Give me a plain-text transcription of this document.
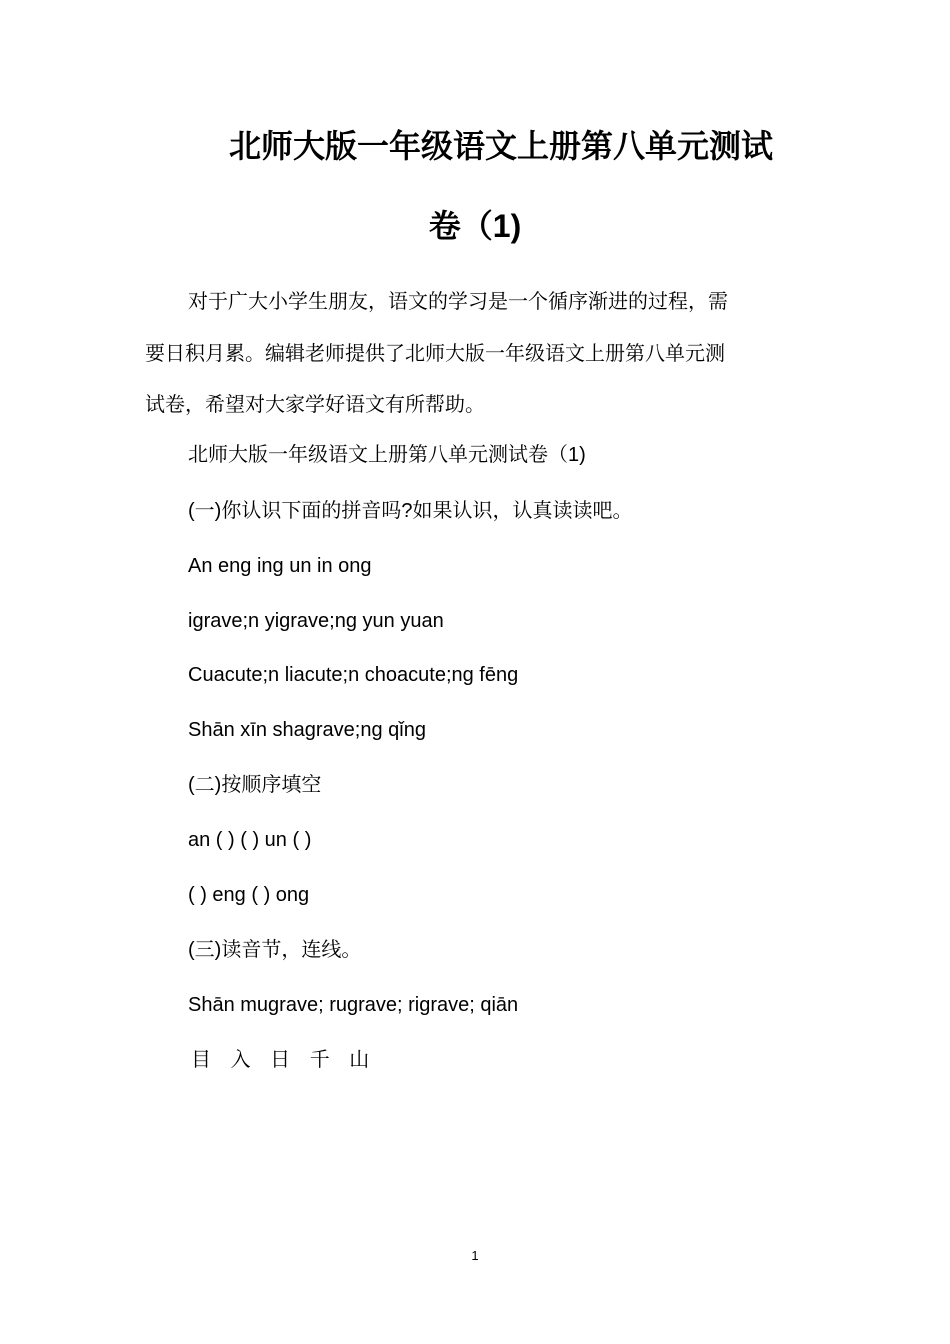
北师大版一年级语文上册第八单元测试
卷（1)
对于广大小学生朋友，语文的学习是一个循序渐进的过程，需
要日积月累。编辑老师提供了北师大版一年级语文上册第八单元测
试卷，希望对大家学好语文有所帮助。
北师大版一年级语文上册第八单元测试卷（1)
(一)你认识下面的拼音吗?如果认识，认真读读吧。
An eng ing un in ong
igrave;n yigrave;ng yun yuan
Cuacute;n liacute;n choacute;ng fēng
Shān xīn shagrave;ng qǐng
(二)按顺序填空
an ( ) ( ) un ( )
( ) eng ( ) ong
(三)读音节，连线。
Shān mugrave; rugrave; rigrave; qiān
目 入 日 千 山
1
